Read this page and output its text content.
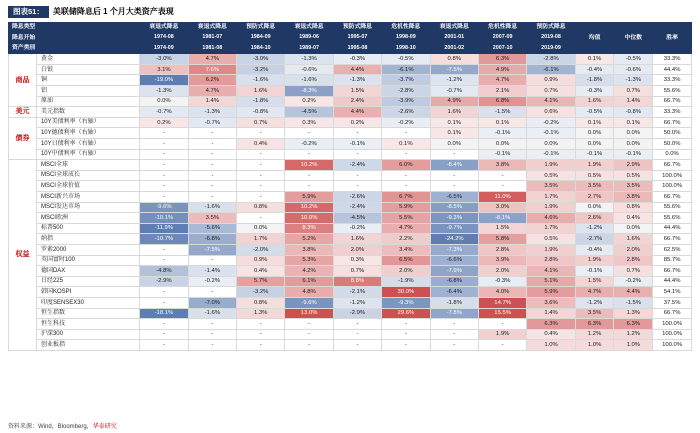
图表51：	美联储降息后 1 个月大类资产表现
降息类型		衰退式降息	衰退式降息	预防式降息	衰退式降息	预防式降息	危机性降息	衰退式降息	危机性降息	预防式降息	均值	中位数	胜率
降息开始		1974-08	1981-07	1984-09	1989-06	1995-07	1998-09	2001-01	2007-09	2019-08			
资产类别		1974-09	1981-08	1984-10	1989-07	1995-08	1998-10	2001-02	2007-10	2019-09			
商品	黄金	-3.0%	4.7%	-3.0%	-1.3%	-0.3%	-0.5%	0.8%	6.3%	-2.8%	0.1%	-0.5%	33.3%
	白银	3.1%	7.6%	-3.2%	-0.6%	4.4%	-6.1%	-7.5%	4.9%	-6.1%	-0.4%	-0.6%	44.4%
	铜	-19.0%	6.2%	-1.6%	-1.6%	-1.3%	-3.7%	-1.2%	4.7%	0.9%	-1.8%	-1.3%	33.3%
	铝	-1.3%	4.7%	1.6%	-8.3%	1.5%	-2.8%	-0.7%	2.1%	0.7%	-0.3%	0.7%	55.6%
	原油	0.0%	1.4%	-1.8%	0.2%	2.4%	-3.9%	4.9%	6.8%	4.1%	1.6%	1.4%	66.7%
美元	美元指数	-0.7%	-1.3%	-0.8%	-4.5%	4.4%	-2.6%	1.6%	-1.5%	0.6%	-0.5%	-0.8%	33.3%
债券	10Y美债利率（右轴）	0.2%	-0.7%	0.7%	0.3%	0.2%	-0.2%	0.1%	0.1%	-0.2%	0.1%	0.1%	66.7%
	10Y德债利率（右轴）	-	-	-	-	-	-	0.1%	-0.1%	-0.1%	0.0%	0.0%	50.0%
	10Y日债利率（右轴）	-	-	0.4%	-0.2%	-0.1%	0.1%	0.0%	0.0%	0.0%	0.0%	0.0%	50.0%
	10Y中债利率（右轴）	-	-	-	-	-	-	-	-0.1%	-0.1%	-0.1%	-0.1%	0.0%
权益	MSCI全球	-	-	-	10.2%	-2.4%	6.0%	-8.4%	3.8%	1.9%	1.9%	2.9%	66.7%
	MSCI全球成长	-	-	-	-	-	-	-	-	0.5%	0.5%	0.5%	100.0%
	MSCI全球价值	-	-	-	-	-	-	-	-	3.5%	3.5%	3.5%	100.0%
	MSCI新兴市场	-	-	-	5.9%	-2.6%	6.7%	-6.5%	11.0%	1.7%	2.7%	3.8%	66.7%
	MSCI发达市场	-9.6%	-1.6%	0.8%	10.2%	-2.4%	5.9%	-8.5%	3.0%	1.9%	0.0%	0.8%	55.6%
	MSCI欧洲	-10.1%	3.5%	-	10.0%	-4.5%	5.5%	-9.3%	-8.1%	4.6%	2.6%	0.4%	55.6%
	标普500	-11.9%	-5.6%	0.0%	8.3%	-0.2%	4.7%	-9.7%	1.5%	1.7%	-1.2%	0.0%	44.4%
	纳指	-10.7%	-6.8%	1.7%	5.2%	1.6%	2.2%	-24.2%	5.8%	0.5%	-2.7%	1.6%	66.7%
	罗素2000	-	-7.5%	-2.0%	3.8%	2.0%	3.4%	-7.3%	2.8%	1.9%	-0.4%	2.0%	62.5%
	英国富时100	-	-	0.9%	5.3%	0.3%	6.5%	-6.6%	3.9%	2.8%	1.9%	2.8%	85.7%
	德国DAX	-4.8%	-1.4%	0.4%	4.2%	0.7%	2.0%	-7.9%	2.0%	4.1%	-0.1%	0.7%	66.7%
	日经225	-2.9%	-0.2%	5.7%	6.1%	8.8%	-1.9%	-6.8%	-0.3%	5.1%	1.5%	-0.2%	44.4%
	韩国KOSPI	-	-	-3.2%	4.8%	-2.1%	30.0%	-6.4%	4.0%	5.9%	4.7%	4.4%	54.1%
	印度SENSEX30	-	-7.0%	0.8%	-9.6%	-1.2%	-9.3%	-1.8%	14.7%	3.6%	-1.2%	-1.5%	37.5%
	恒生指数	-18.1%	-1.6%	1.3%	13.0%	-2.9%	29.6%	-7.8%	15.5%	1.4%	3.5%	1.3%	66.7%
	恒生科技	-	-	-	-	-	-	-	-	6.3%	6.3%	6.3%	100.0%
	沪深300	-	-	-	-	-	-	-	1.9%	0.4%	1.2%	1.2%	100.0%
	创业板指	-	-	-	-	-	-	-	-	1.0%	1.0%	1.0%	100.0%
资料来源：Wind，Bloomberg，华泰研究
